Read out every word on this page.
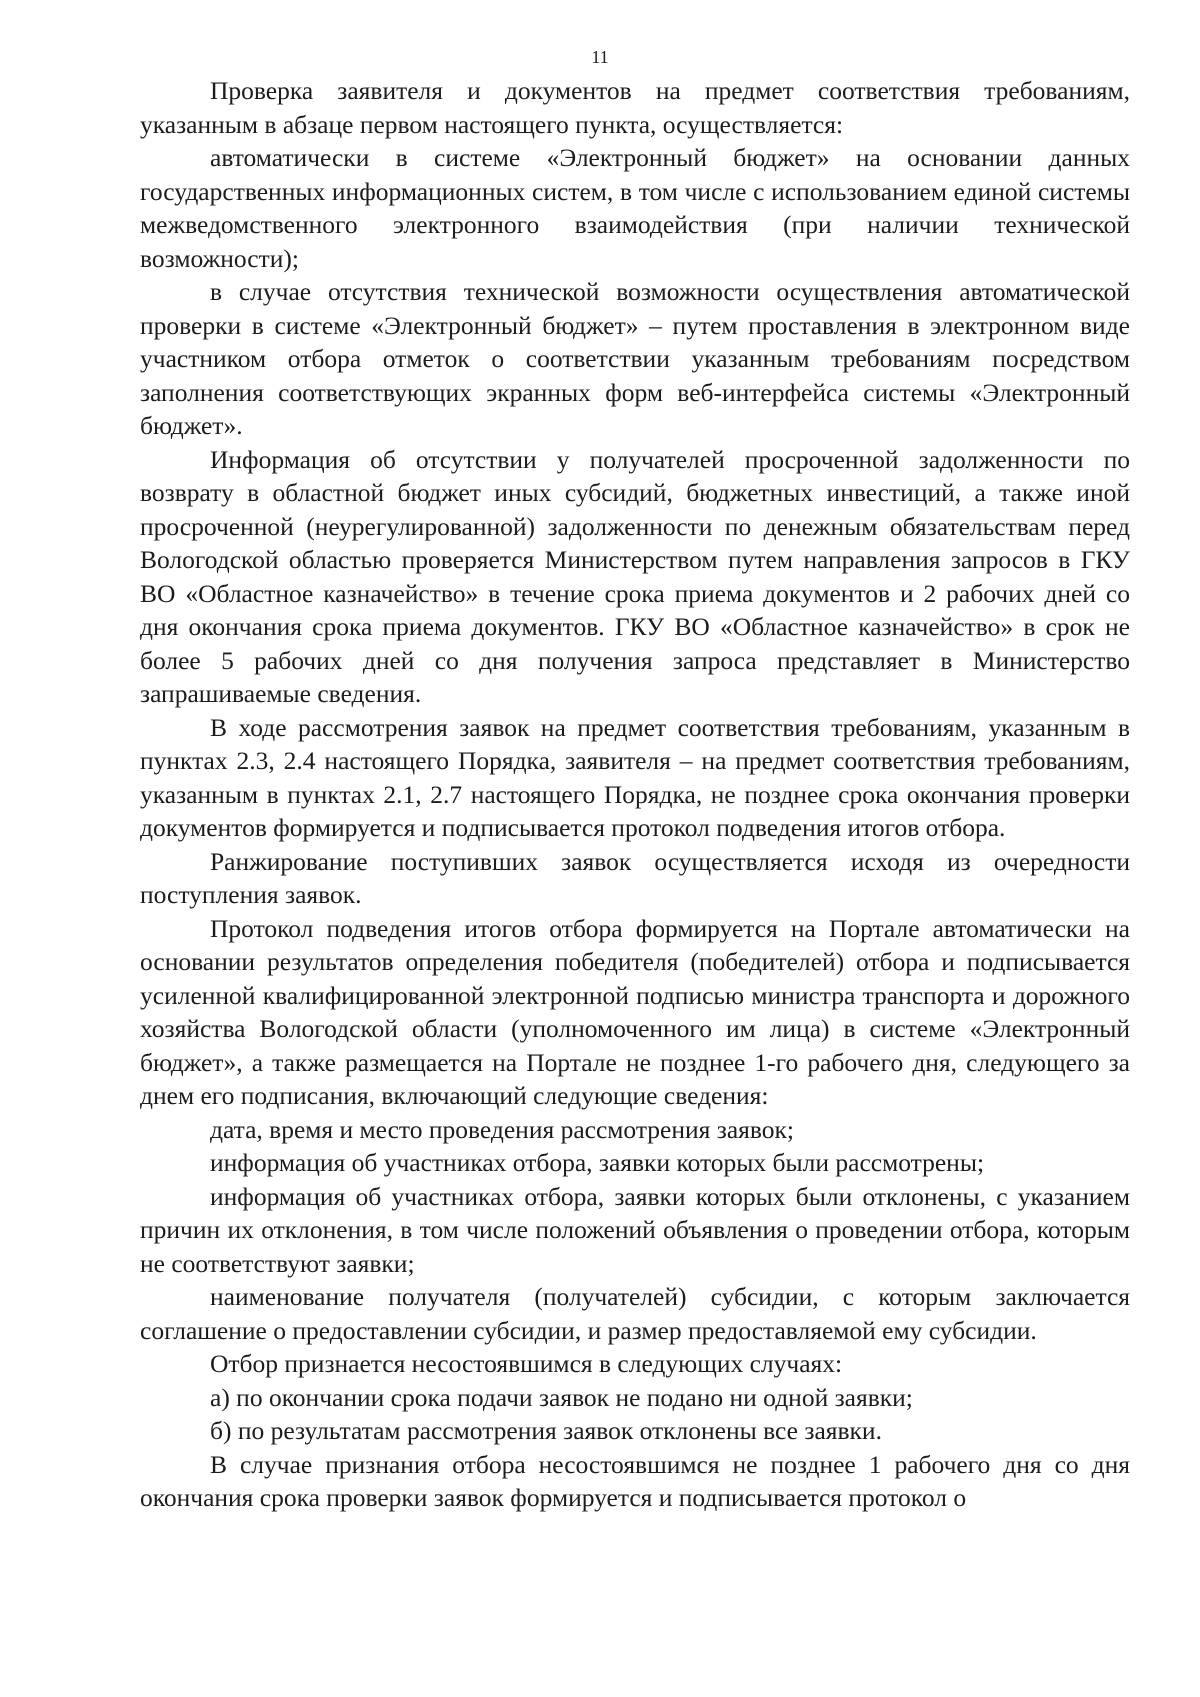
11

Проверка заявителя и документов на предмет соответствия требованиям, указанным в абзаце первом настоящего пункта, осуществляется:

автоматически в системе «Электронный бюджет» на основании данных государственных информационных систем, в том числе с использованием единой системы межведомственного электронного взаимодействия (при наличии технической возможности);

в случае отсутствия технической возможности осуществления автоматической проверки в системе «Электронный бюджет» – путем проставления в электронном виде участником отбора отметок о соответствии указанным требованиям посредством заполнения соответствующих экранных форм веб-интерфейса системы «Электронный бюджет».

Информация об отсутствии у получателей просроченной задолженности по возврату в областной бюджет иных субсидий, бюджетных инвестиций, а также иной просроченной (неурегулированной) задолженности по денежным обязательствам перед Вологодской областью проверяется Министерством путем направления запросов в ГКУ ВО «Областное казначейство» в течение срока приема документов и 2 рабочих дней со дня окончания срока приема документов. ГКУ ВО «Областное казначейство» в срок не более 5 рабочих дней со дня получения запроса представляет в Министерство запрашиваемые сведения.

В ходе рассмотрения заявок на предмет соответствия требованиям, указанным в пунктах 2.3, 2.4 настоящего Порядка, заявителя – на предмет соответствия требованиям, указанным в пунктах 2.1, 2.7 настоящего Порядка, не позднее срока окончания проверки документов формируется и подписывается протокол подведения итогов отбора.

Ранжирование поступивших заявок осуществляется исходя из очередности поступления заявок.

Протокол подведения итогов отбора формируется на Портале автоматически на основании результатов определения победителя (победителей) отбора и подписывается усиленной квалифицированной электронной подписью министра транспорта и дорожного хозяйства Вологодской области (уполномоченного им лица) в системе «Электронный бюджет», а также размещается на Портале не позднее 1-го рабочего дня, следующего за днем его подписания, включающий следующие сведения:

дата, время и место проведения рассмотрения заявок;

информация об участниках отбора, заявки которых были рассмотрены;

информация об участниках отбора, заявки которых были отклонены, с указанием причин их отклонения, в том числе положений объявления о проведении отбора, которым не соответствуют заявки;

наименование получателя (получателей) субсидии, с которым заключается соглашение о предоставлении субсидии, и размер предоставляемой ему субсидии.

Отбор признается несостоявшимся в следующих случаях:

а) по окончании срока подачи заявок не подано ни одной заявки;

б) по результатам рассмотрения заявок отклонены все заявки.

В случае признания отбора несостоявшимся не позднее 1 рабочего дня со дня окончания срока проверки заявок формируется и подписывается протокол о
